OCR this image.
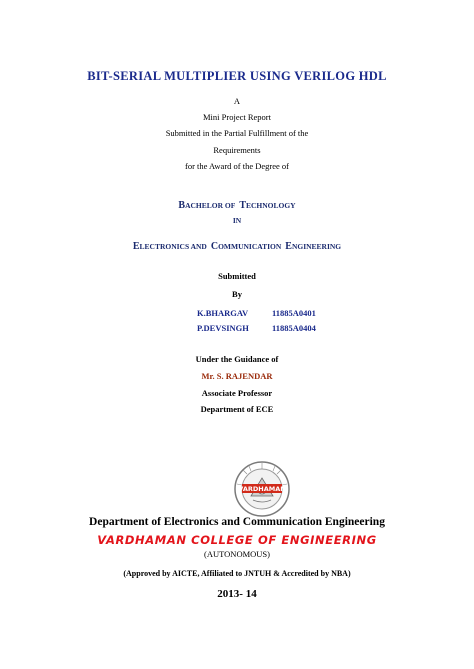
BIT-SERIAL MULTIPLIER USING VERILOG HDL
A
Mini Project Report
Submitted in the Partial Fulfillment of the
Requirements
for the Award of the Degree of
BACHELOR OF TECHNOLOGY
IN
ELECTRONICS AND COMMUNICATION ENGINEERING
Submitted
By
K.BHARGAV	11885A0401
P.DEVSINGH	11885A0404
Under the Guidance of
Mr. S. RAJENDAR
Associate Professor
Department of ECE
VARDHAMAN
Department of Electronics and Communication Engineering
VARDHAMAN COLLEGE OF ENGINEERING
(AUTONOMOUS)
(Approved by AICTE, Affiliated to JNTUH & Accredited by NBA)
2013- 14
